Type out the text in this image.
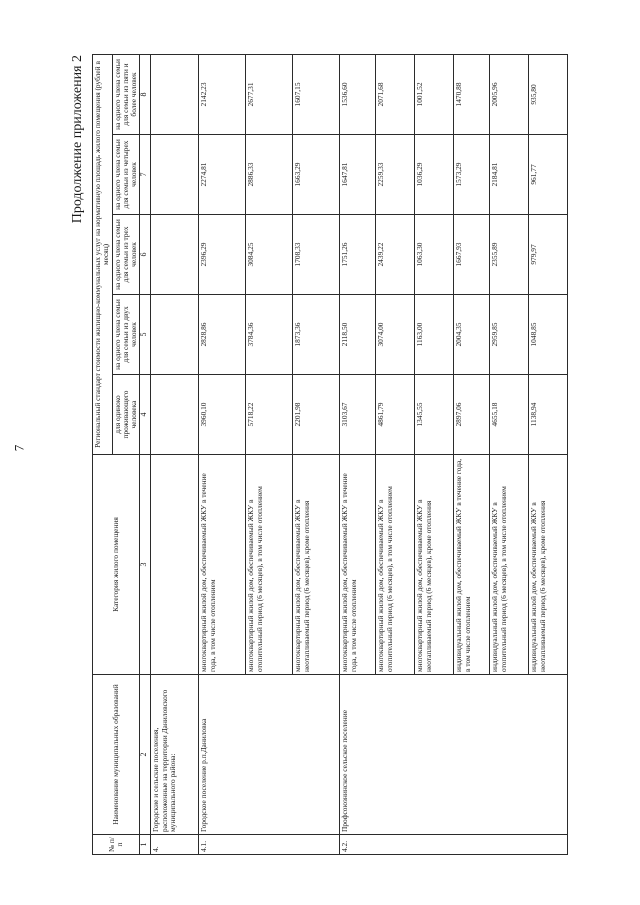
7
Продолжение приложения 2
№ п/п	Наименование муниципальных образований	Категория жилого помещения	Региональный стандарт стоимости жилищно-коммунальных услуг на нормативную площадь жилого помещения (рублей в месяц)				
			для одиноко проживающего человека	на одного члена семьи для семьи из двух человек	на одного члена семьи для семьи из трех человек	на одного члена семьи для семьи из четырех человек	на одного члена семьи для семьи из пяти и более человек
1	2	3	4	5	6	7	8
4.	Городские и сельские поселения, расположенные на территории Даниловского муниципального района:						
4.1.	Городское поселение р.п.Даниловка	многоквартирный жилой дом, обеспечиваемый ЖКУ в течение года, в том числе отоплением	3960,10	2828,86	2396,29	2274,81	2142,23
		многоквартирный жилой дом, обеспечиваемый ЖКУ в отопительный период (6 месяцев), в том числе отоплением	5718,22	3784,36	3084,25	2886,33	2677,31
		многоквартирный жилой дом, обеспечиваемый ЖКУ в неотапливаемый период (6 месяцев), кроме отопления	2201,98	1873,36	1708,33	1663,29	1607,15
4.2.	Профсоюзнинское сельское поселение	многоквартирный жилой дом, обеспечиваемый ЖКУ в течение года, в том числе отоплением	3103,67	2118,50	1751,26	1647,81	1536,60
		многоквартирный жилой дом, обеспечиваемый ЖКУ в отопительный период (6 месяцев), в том числе отоплением	4861,79	3074,00	2439,22	2259,33	2071,68
		многоквартирный жилой дом, обеспечиваемый ЖКУ в неотапливаемый период (6 месяцев), кроме отопления	1345,55	1163,00	1063,30	1036,29	1001,52
		индивидуальный жилой дом, обеспечиваемый ЖКУ в течение года, в том числе отоплением	2897,06	2004,35	1667,93	1573,29	1470,88
		индивидуальный жилой дом, обеспечиваемый ЖКУ в отопительный период (6 месяцев), в том числе отоплением	4655,18	2959,85	2355,89	2184,81	2005,96
		индивидуальный жилой дом, обеспечиваемый ЖКУ в неотапливаемый период (6 месяцев), кроме отопления	1138,94	1048,85	979,97	961,77	935,80
